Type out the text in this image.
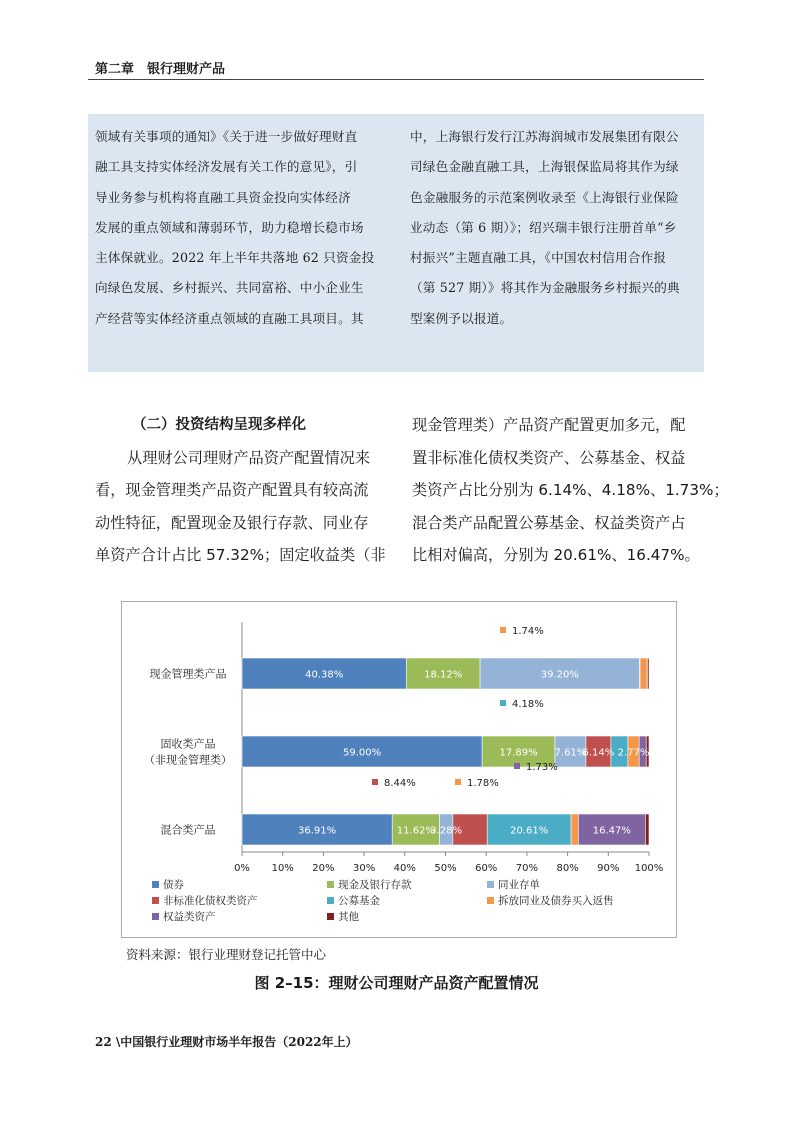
第二章　银行理财产品
领域有关事项的通知》《关于进一步做好理财直
融工具支持实体经济发展有关工作的意见》，引
导业务参与机构将直融工具资金投向实体经济
发展的重点领域和薄弱环节，助力稳增长稳市场
主体保就业。2022 年上半年共落地 62 只资金投
向绿色发展、乡村振兴、共同富裕、中小企业生
产经营等实体经济重点领域的直融工具项目。其
中，上海银行发行江苏海润城市发展集团有限公
司绿色金融直融工具，上海银保监局将其作为绿
色金融服务的示范案例收录至《上海银行业保险
业动态（第 6 期）》；绍兴瑞丰银行注册首单“乡
村振兴”主题直融工具，《中国农村信用合作报
（第 527 期）》将其作为金融服务乡村振兴的典
型案例予以报道。
（二）投资结构呈现多样化
从理财公司理财产品资产配置情况来
看，现金管理类产品资产配置具有较高流
动性特征，配置现金及银行存款、同业存
单资产合计占比 57.32%；固定收益类（非
现金管理类）产品资产配置更加多元，配
置非标准化债权类资产、公募基金、权益
类资产占比分别为 6.14%、4.18%、1.73%；
混合类产品配置公募基金、权益类资产占
比相对偏高，分别为 20.61%、16.47%。
0% 10% 20% 30% 40% 50% 60% 70% 80% 90% 100%
现金管理类产品
固收类产品
（非现金管理类）
混合类产品
40.38%	18.12%	39.20%
1.74%
59.00%	17.89% 7.61%
6.14%
4.18%
2.77%
1.73%
36.91%	11.62%
3.28%
8.44%
20.61%
1.78%
16.47%
债券	现金及银行存款	同业存单
非标准化债权类资产	公募基金	拆放同业及债券买入返售
权益类资产	其他
资料来源：银行业理财登记托管中心
图 2–15：理财公司理财产品资产配置情况
22 \中国银行业理财市场半年报告（2022年上）
